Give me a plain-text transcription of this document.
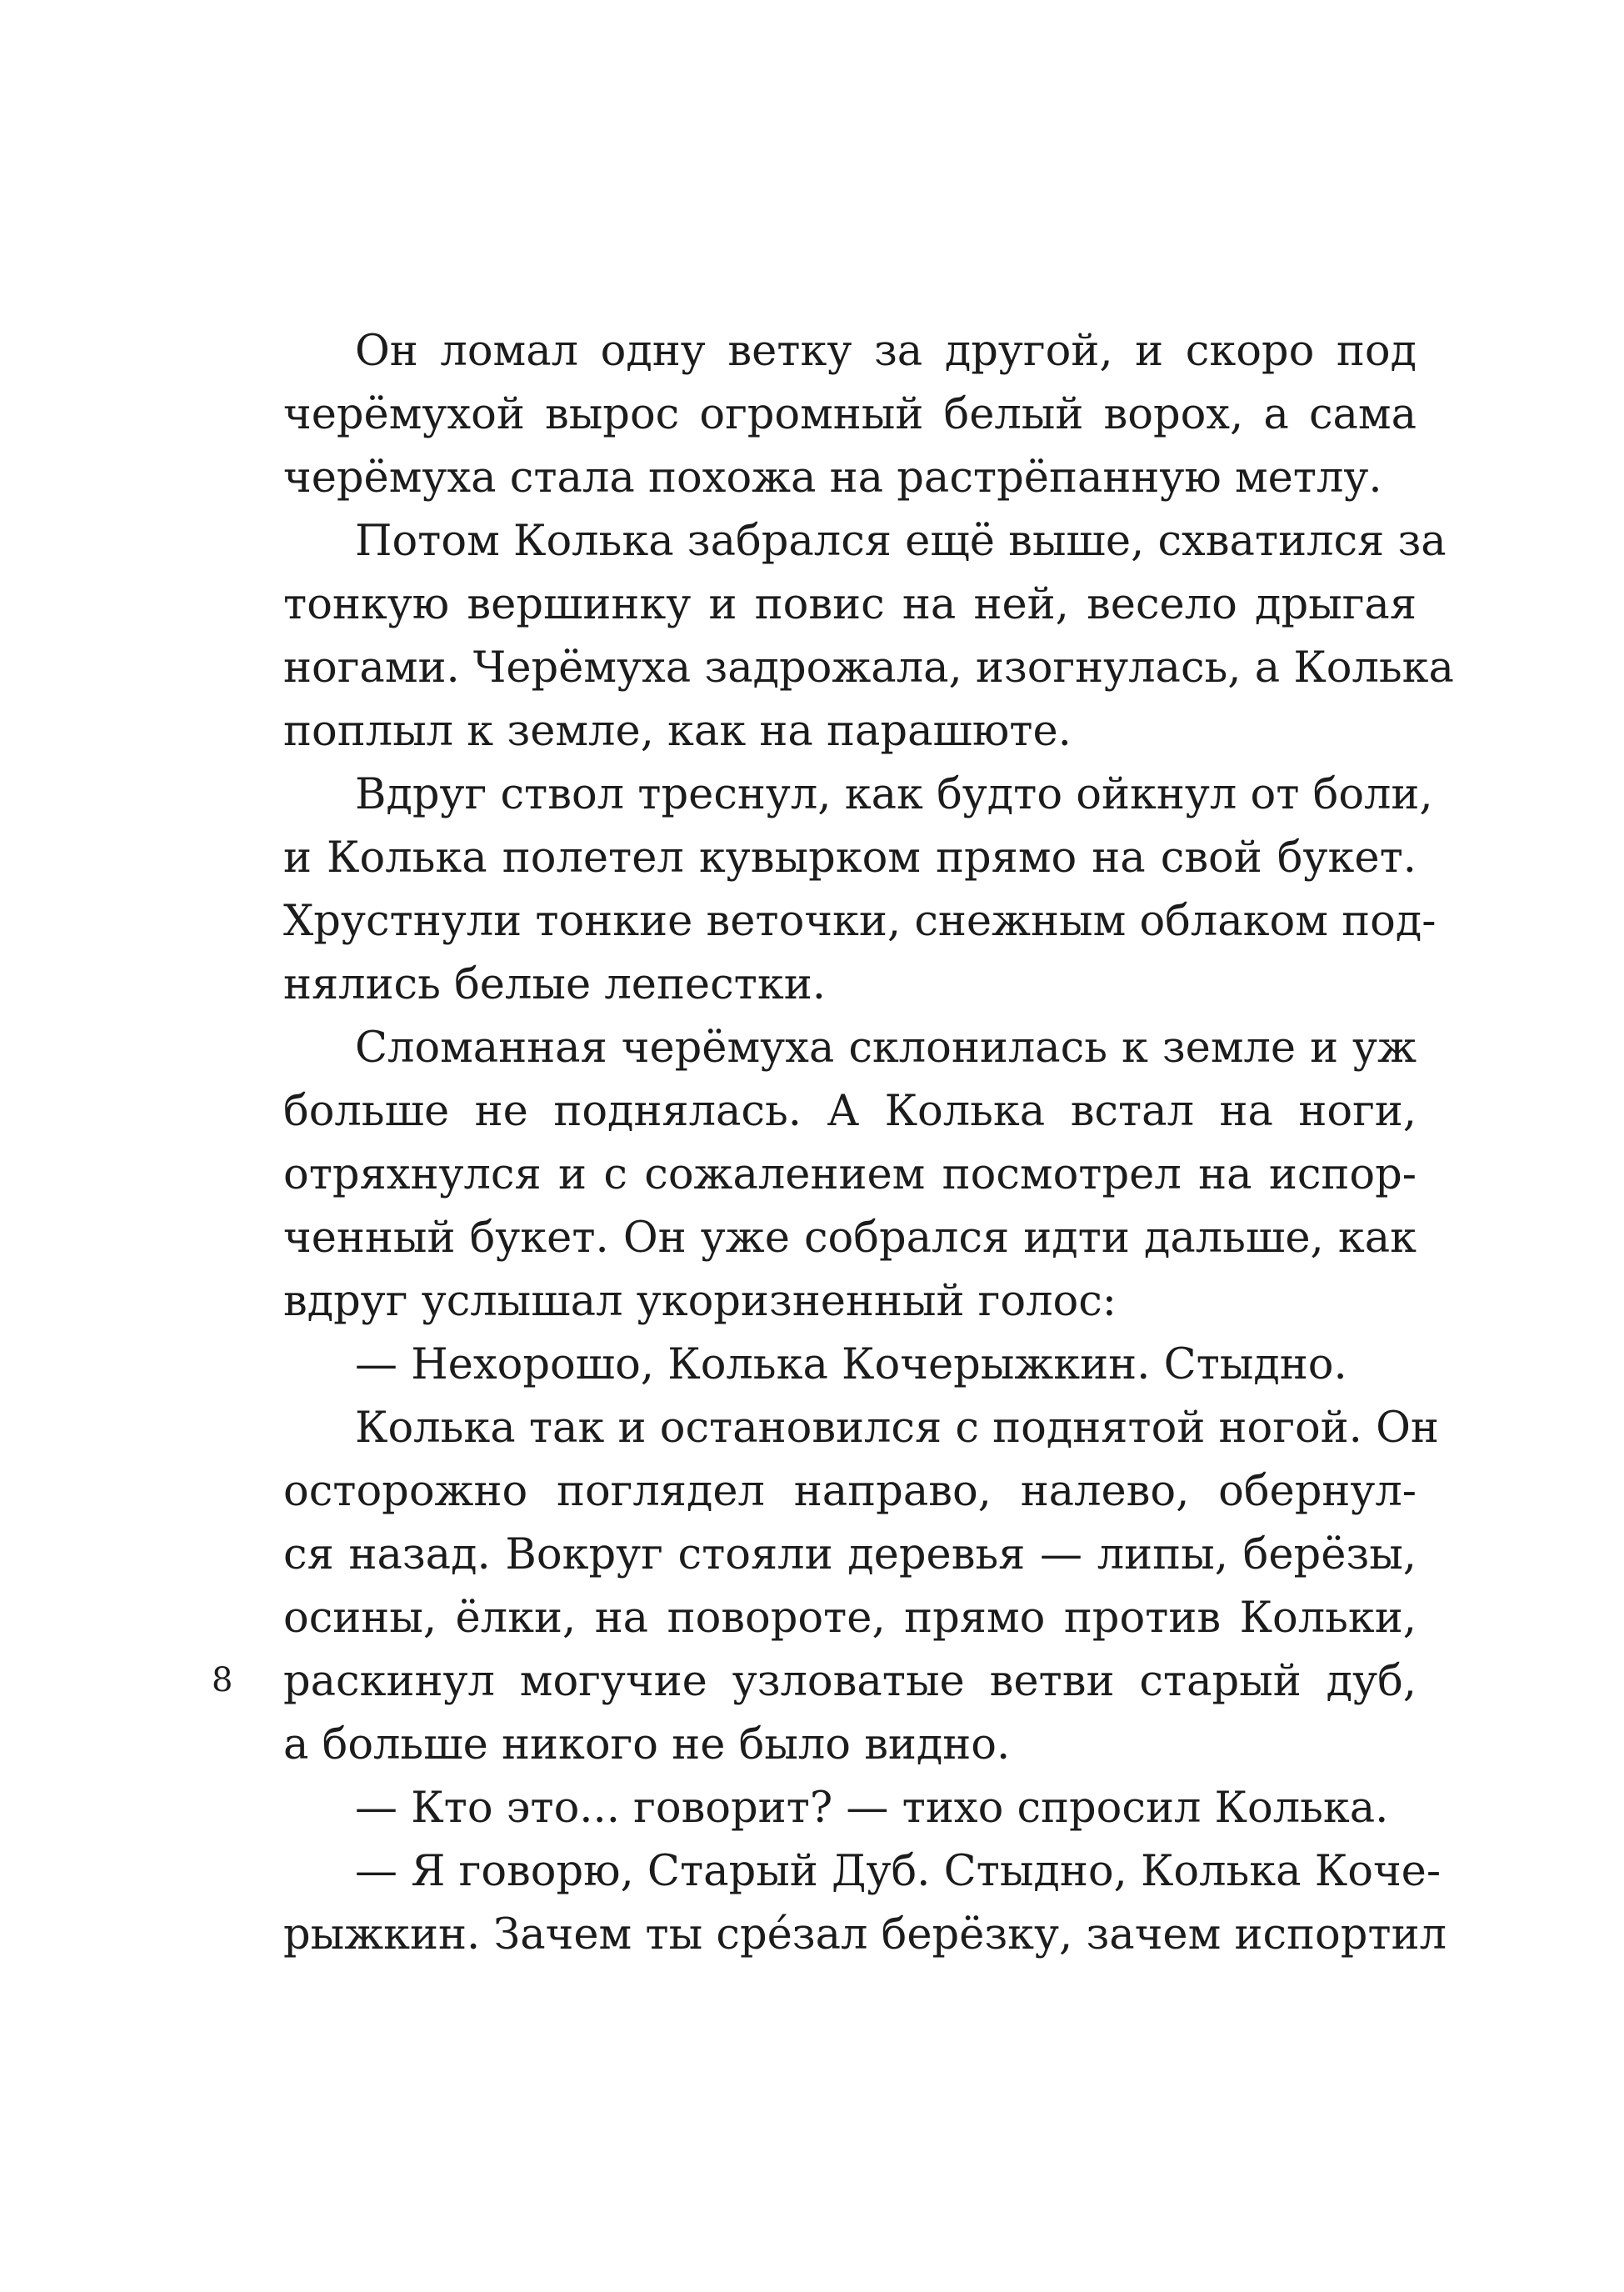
Он ломал одну ветку за другой, и скоро под
черёмухой вырос огромный белый ворох, а сама
черёмуха стала похожа на растрёпанную метлу.
Потом Колька забрался ещё выше, схватился за
тонкую вершинку и повис на ней, весело дрыгая
ногами. Черёмуха задрожала, изогнулась, а Колька
поплыл к земле, как на парашюте.
Вдруг ствол треснул, как будто ойкнул от боли,
и Колька полетел кувырком прямо на свой букет.
Хрустнули тонкие веточки, снежным облаком под-
нялись белые лепестки.
Сломанная черёмуха склонилась к земле и уж
больше не поднялась. А Колька встал на ноги,
отряхнулся и с сожалением посмотрел на испор-
ченный букет. Он уже собрался идти дальше, как
вдруг услышал укоризненный голос:
— Нехорошо, Колька Кочерыжкин. Стыдно.
Колька так и остановился с поднятой ногой. Он
осторожно поглядел направо, налево, обернул-
ся назад. Вокруг стояли деревья — липы, берёзы,
осины, ёлки, на повороте, прямо против Кольки,
раскинул могучие узловатые ветви старый дуб,
а больше никого не было видно.
— Кто это... говорит? — тихо спросил Колька.
— Я говорю, Старый Дуб. Стыдно, Колька Коче-
рыжкин. Зачем ты срéзал берёзку, зачем испортил
8
